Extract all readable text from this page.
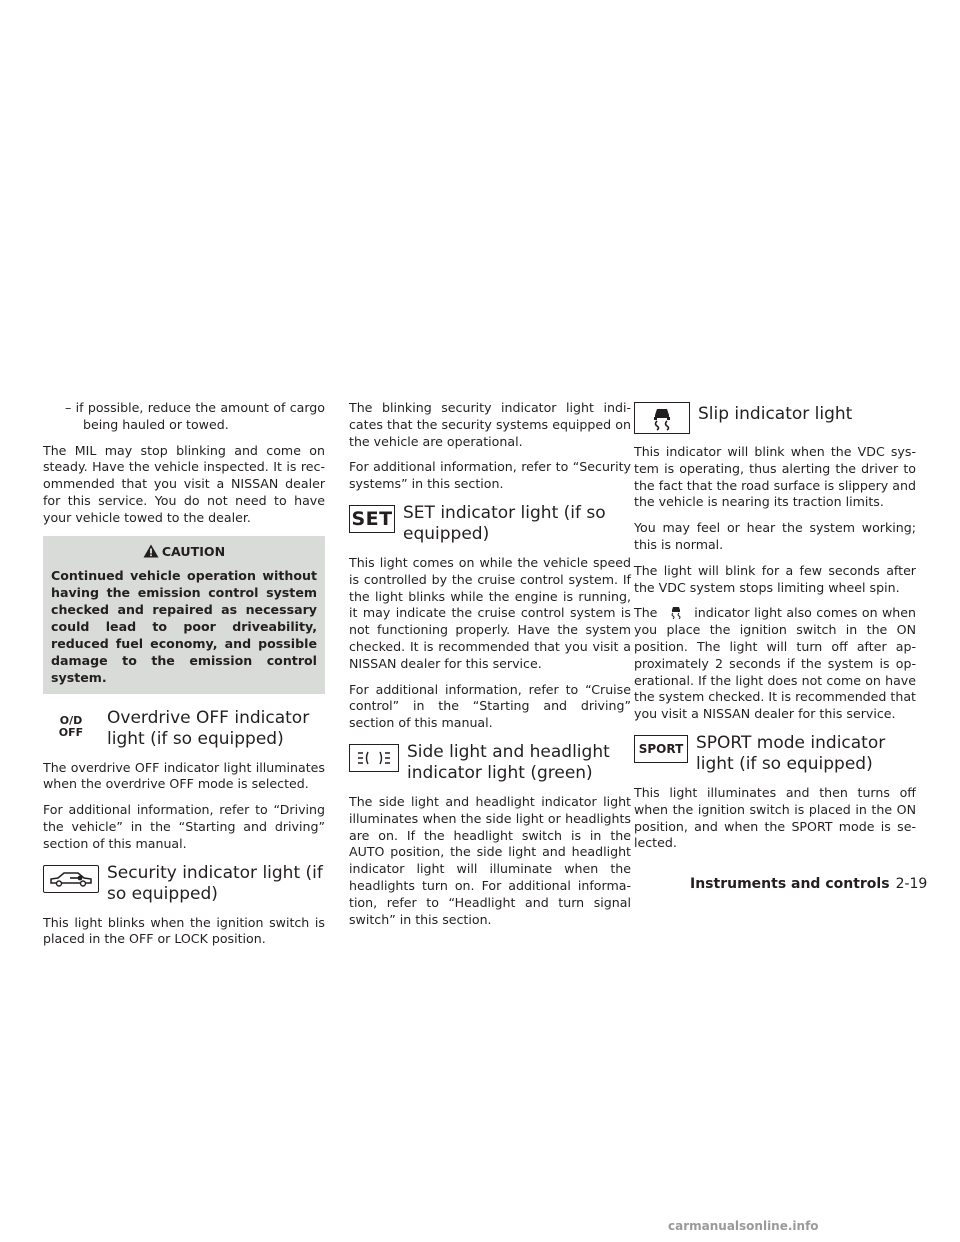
– if possible, reduce the amount of cargo being hauled or towed.

The MIL may stop blinking and come on steady. Have the vehicle inspected. It is recommended that you visit a NISSAN dealer for this service. You do not need to have your vehicle towed to the dealer.

CAUTION
Continued vehicle operation without having the emission control system checked and repaired as necessary could lead to poor driveability, reduced fuel economy, and possible damage to the emission control system.
O/D
OFF
Overdrive OFF indicator
light (if so equipped)

The overdrive OFF indicator light illuminates when the overdrive OFF mode is selected.

For additional information, refer to “Driving the vehicle” in the “Starting and driving” section of this manual.

Security indicator light (if
so equipped)

This light blinks when the ignition switch is placed in the OFF or LOCK position.

The blinking security indicator light indicates that the security systems equipped on the vehicle are operational.

For additional information, refer to “Security systems” in this section.

SET SET indicator light (if so
equipped)

This light comes on while the vehicle speed is controlled by the cruise control system. If the light blinks while the engine is running, it may indicate the cruise control system is not functioning properly. Have the system checked. It is recommended that you visit a NISSAN dealer for this service.

For additional information, refer to “Cruise control” in the “Starting and driving” section of this manual.

Side light and headlight
indicator light (green)

The side light and headlight indicator light illuminates when the side light or headlights are on. If the headlight switch is in the AUTO position, the side light and headlight indicator light will illuminate when the headlights turn on. For additional information, refer to “Headlight and turn signal switch” in this section.

Slip indicator light

This indicator will blink when the VDC system is operating, thus alerting the driver to the fact that the road surface is slippery and the vehicle is nearing its traction limits.

You may feel or hear the system working; this is normal.

The light will blink for a few seconds after the VDC system stops limiting wheel spin.

The	indicator light also comes on when you place the ignition switch in the ON position. The light will turn off after approximately 2 seconds if the system is operational. If the light does not come on have the system checked. It is recommended that you visit a NISSAN dealer for this service.

SPORT SPORT mode indicator
light (if so equipped)

This light illuminates and then turns off when the ignition switch is placed in the ON position, and when the SPORT mode is selected.

Instruments and controls 2-19
carmanualsonline.info
